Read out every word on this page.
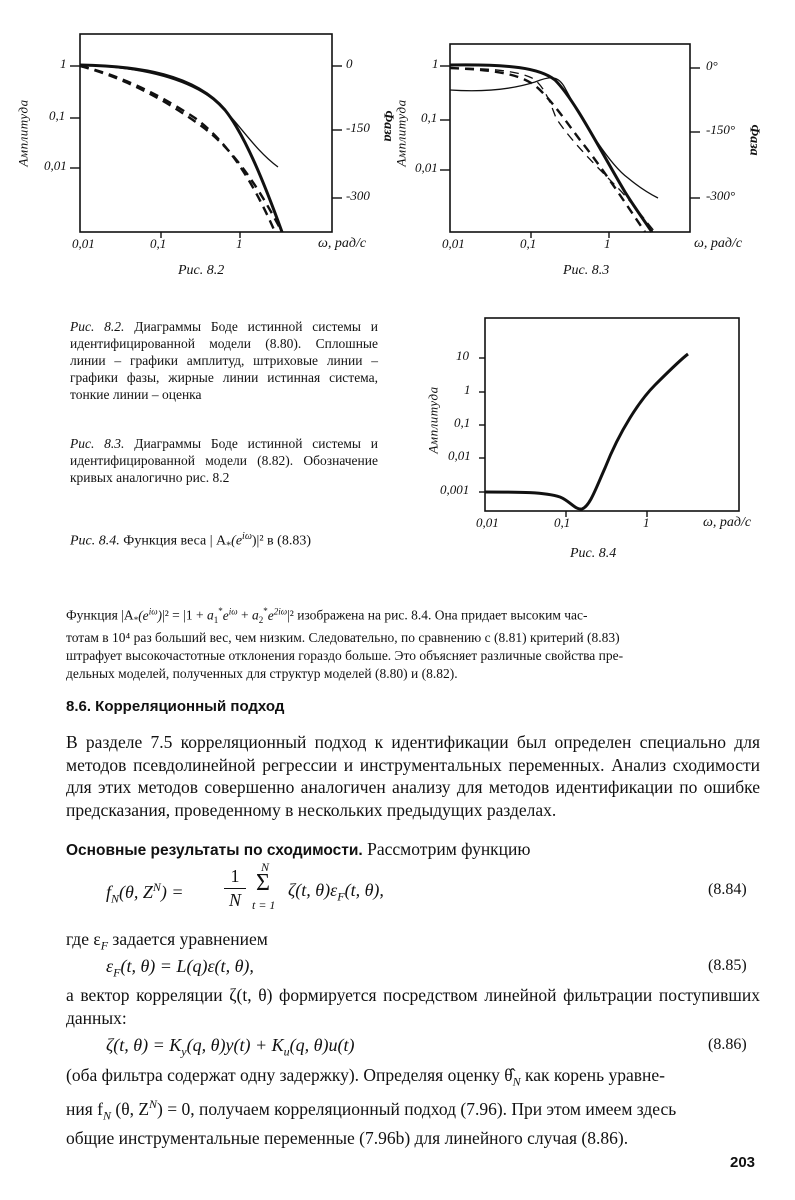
1
0,1
0,01
Амплитуда
0
-150
-300
Фаза
0,01	0,1	1	ω, рад/с
Рис. 8.2
1
0,1
0,01
Амплитуда
0°
-150°
-300°
Фаза
0,01	0,1	1	ω, рад/с
Рис. 8.3
10
1
0,1
0,01
0,001
Амплитуда
0,01	0,1	1	ω, рад/с
Рис. 8.4
Рис. 8.2. Диаграммы Боде истинной системы и идентифицированной модели (8.80). Сплошные линии – графики амплитуд, штриховые линии – графики фазы, жирные линии истинная система, тонкие линии – оценка
Рис. 8.3. Диаграммы Боде истинной системы и идентифицированной модели (8.82). Обозначение кривых аналогично рис. 8.2
Рис. 8.4. Функция веса | $A_*(e^{i\omega})|^2$ в (8.83)
Функция $|A_*(e^{i\omega})|^2 = |1 + a_1^*e^{i\omega} + a_2^*e^{2i\omega}|^2$ изображена на рис. 8.4. Она придает высоким час-
тотам в 10⁴ раз больший вес, чем низким. Следовательно, по сравнению с (8.81) критерий (8.83)
штрафует высокочастотные отклонения гораздо больше. Это объясняет различные свойства пре-
дельных моделей, полученных для структур моделей (8.80) и (8.82).
8.6. Корреляционный подход
В разделе 7.5 корреляционный подход к идентификации был определен специально для методов псевдолинейной регрессии и инструментальных переменных. Анализ сходимости для этих методов совершенно аналогичен анализу для методов идентификации по ошибке предсказания, проведенному в нескольких предыдущих разделах.
Основные результаты по сходимости. Рассмотрим функцию
$f_N(\theta$, $Z^N$) =
1
N
N
Σ
t = 1
ζ(t, $\theta)\varepsilon_F(t$, θ),	(8.84)
где $\varepsilon_F$ задается уравнением
$\varepsilon_F(t$, θ) = L(q)ε(t, θ),	(8.85)
а вектор корреляции ζ(t, θ) формируется посредством линейной фильтрации поступивших данных:
ζ(t, $\theta) = K_y(q$, $\theta)y(t) + K_u(q$, θ)u(t)	(8.86)
(оба фильтра содержат одну задержку). Определяя оценку $\thetâ_N$ как корень уравне-
ния $f_N$ (θ, $Z^N) = 0$, получаем корреляционный подход (7.96). При этом имеем здесь
общие инструментальные переменные (7.96b) для линейного случая (8.86).
203
